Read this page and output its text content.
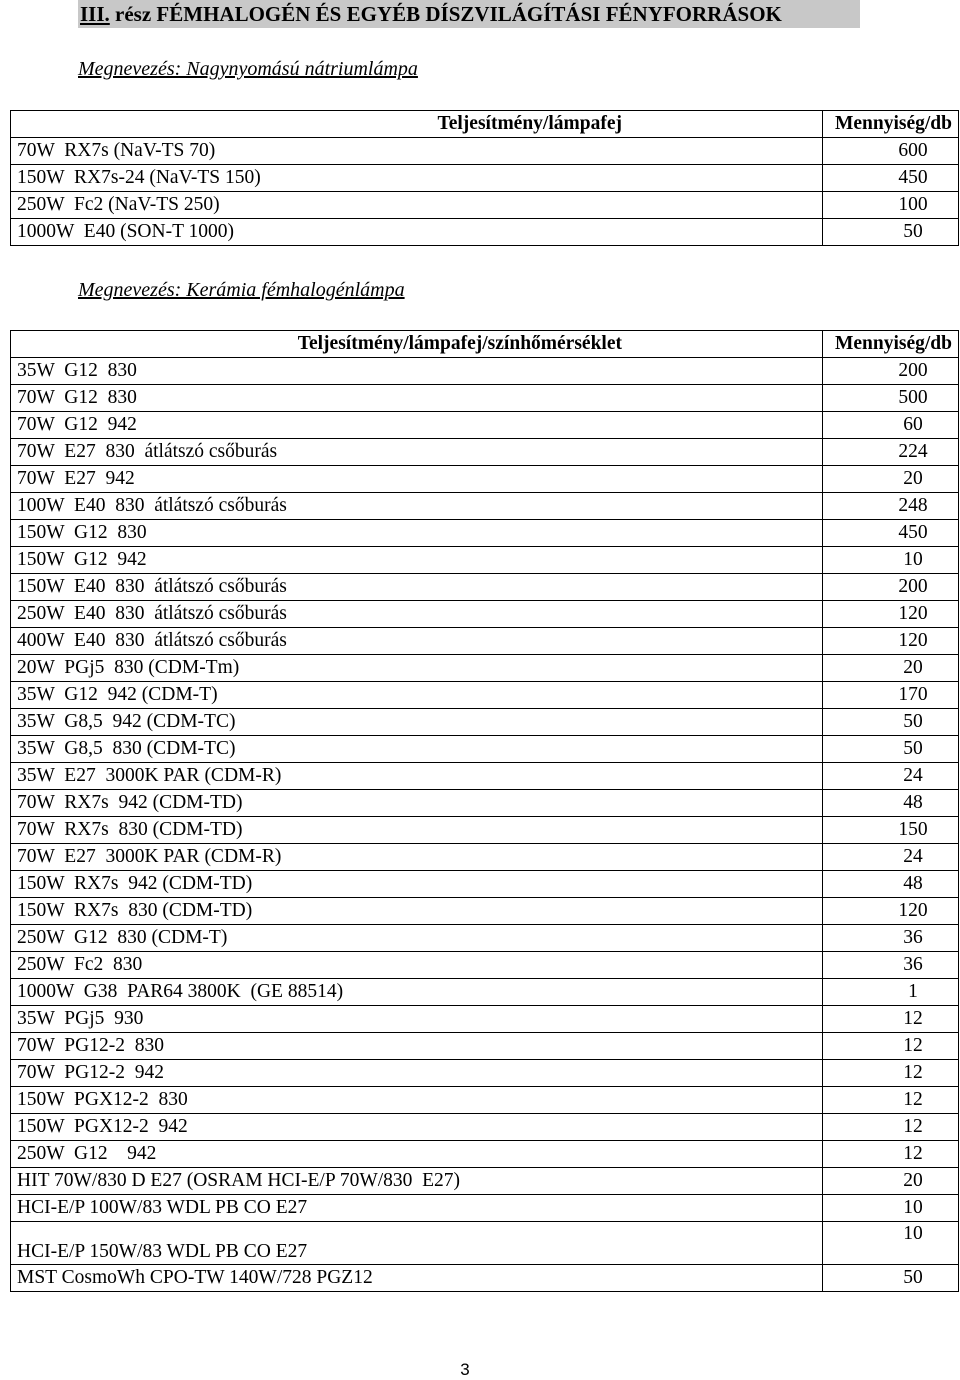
III. rész FÉMHALOGÉN ÉS EGYÉB DÍSZVILÁGÍTÁSI FÉNYFORRÁSOK
Megnevezés: Nagynyomású nátriumlámpa
Teljesítmény/lámpafej	Mennyiség/db
70W  RX7s (NaV-TS 70)	600
150W  RX7s-24 (NaV-TS 150)	450
250W  Fc2 (NaV-TS 250)	100
1000W  E40 (SON-T 1000)	50
Megnevezés: Kerámia fémhalogénlámpa
Teljesítmény/lámpafej/színhőmérséklet	Mennyiség/db
35W  G12  830	200
70W  G12  830	500
70W  G12  942	60
70W  E27  830  átlátszó csőburás	224
70W  E27  942	20
100W  E40  830  átlátszó csőburás	248
150W  G12  830	450
150W  G12  942	10
150W  E40  830  átlátszó csőburás	200
250W  E40  830  átlátszó csőburás	120
400W  E40  830  átlátszó csőburás	120
20W  PGj5  830 (CDM-Tm)	20
35W  G12  942 (CDM-T)	170
35W  G8,5  942 (CDM-TC)	50
35W  G8,5  830 (CDM-TC)	50
35W  E27  3000K PAR (CDM-R)	24
70W  RX7s  942 (CDM-TD)	48
70W  RX7s  830 (CDM-TD)	150
70W  E27  3000K PAR (CDM-R)	24
150W  RX7s  942 (CDM-TD)	48
150W  RX7s  830 (CDM-TD)	120
250W  G12  830 (CDM-T)	36
250W  Fc2  830	36
1000W  G38  PAR64 3800K  (GE 88514)	1
35W  PGj5  930	12
70W  PG12-2  830	12
70W  PG12-2  942	12
150W  PGX12-2  830	12
150W  PGX12-2  942	12
250W  G12    942	12
HIT 70W/830 D E27 (OSRAM HCI-E/P 70W/830  E27)	20
HCI-E/P 100W/83 WDL PB CO E27	10
HCI-E/P 150W/83 WDL PB CO E27	10
MST CosmoWh CPO-TW 140W/728 PGZ12	50
3
